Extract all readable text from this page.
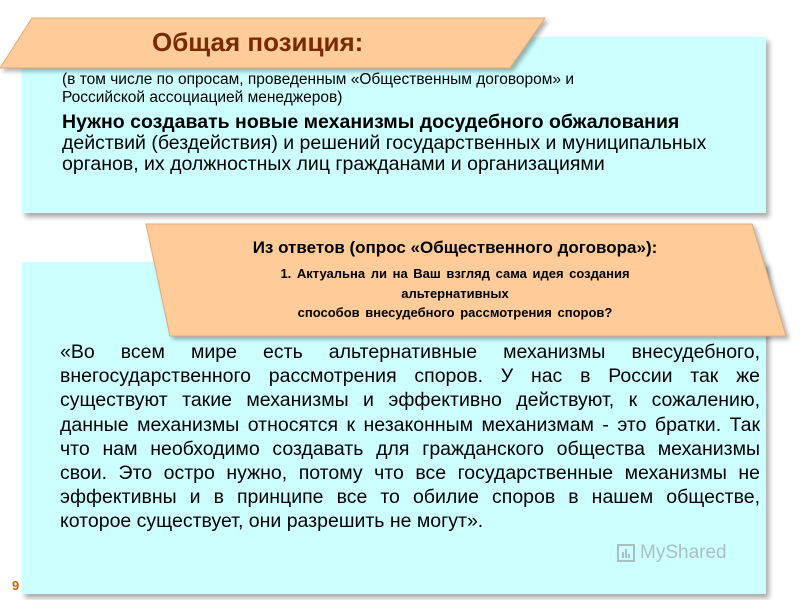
Общая позиция:
(в том числе по опросам, проведенным «Общественным договором» и
Российской ассоциацией менеджеров)
Нужно создавать новые механизмы досудебного обжалования действий (бездействия) и решений государственных и муниципальных органов, их должностных лиц гражданами и организациями
Из ответов (опрос «Общественного договора»):
1. Актуальна ли на Ваш взгляд сама идея создания
альтернативных
способов внесудебного рассмотрения споров?
«Во всем мире есть альтернативные механизмы внесудебного, внегосударственного рассмотрения споров. У нас в России так же существуют такие механизмы и эффективно действуют, к сожалению, данные механизмы относятся к незаконным механизмам - это братки. Так что нам необходимо создавать для гражданского общества механизмы свои. Это остро нужно, потому что все государственные механизмы не эффективны и в принципе все то обилие споров в нашем обществе, которое существует, они разрешить не могут».
9
MyShared
